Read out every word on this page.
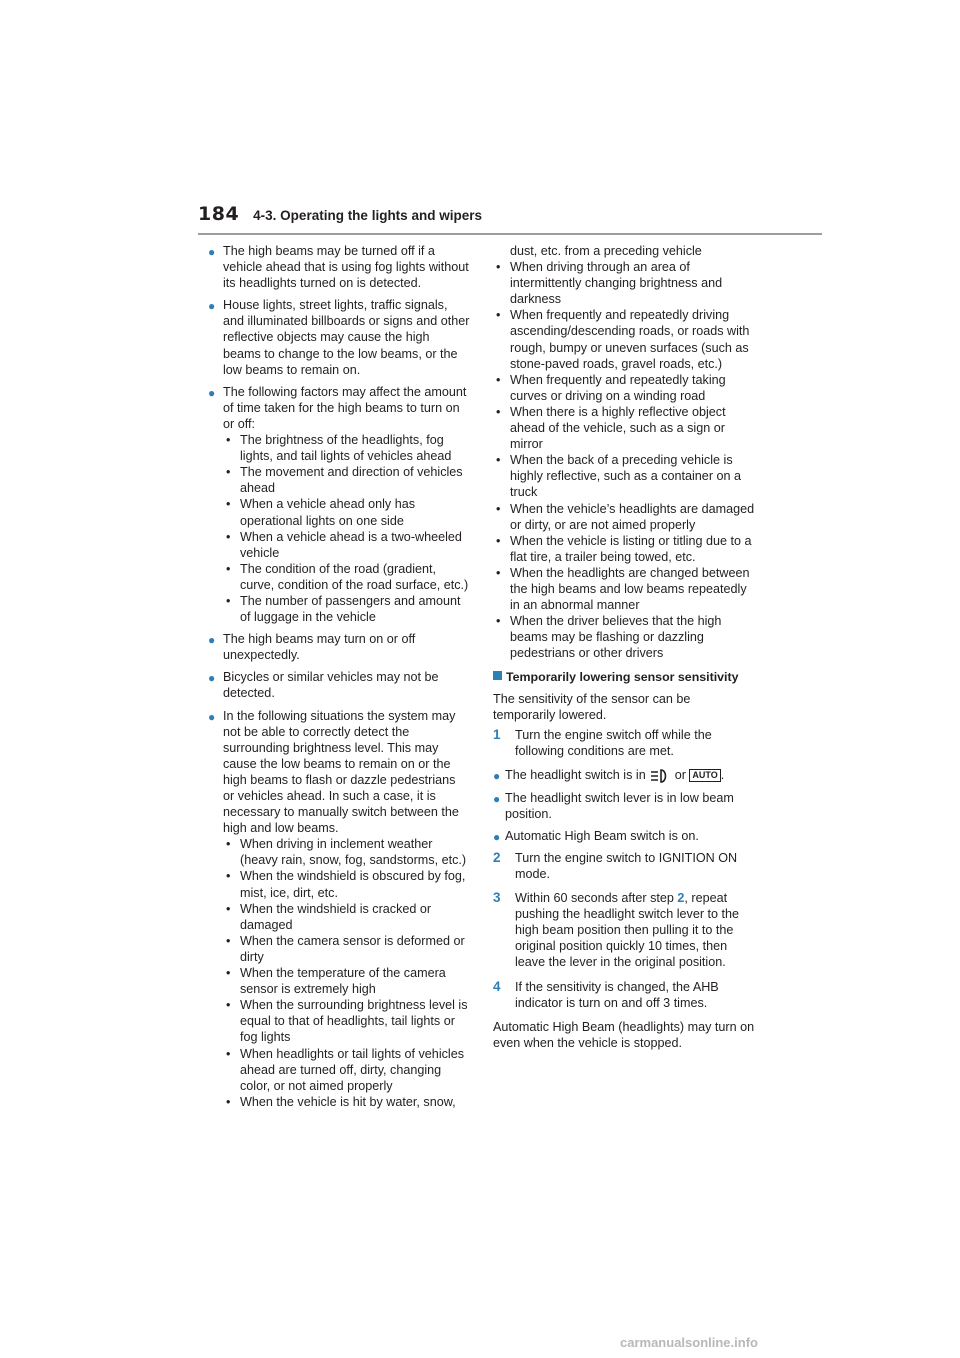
184 4-3. Operating the lights and wipers
● The high beams may be turned off if a vehicle ahead that is using fog lights without its headlights turned on is detected.
● House lights, street lights, traffic signals, and illuminated billboards or signs and other reflective objects may cause the high beams to change to the low beams, or the low beams to remain on.
● The following factors may affect the amount of time taken for the high beams to turn on or off:
• The brightness of the headlights, fog lights, and tail lights of vehicles ahead
• The movement and direction of vehicles ahead
• When a vehicle ahead only has operational lights on one side
• When a vehicle ahead is a two-wheeled vehicle
• The condition of the road (gradient, curve, condition of the road surface, etc.)
• The number of passengers and amount of luggage in the vehicle
● The high beams may turn on or off unexpectedly.
● Bicycles or similar vehicles may not be detected.
● In the following situations the system may not be able to correctly detect the surrounding brightness level. This may cause the low beams to remain on or the high beams to flash or dazzle pedestrians or vehicles ahead. In such a case, it is necessary to manually switch between the high and low beams.
• When driving in inclement weather (heavy rain, snow, fog, sandstorms, etc.)
• When the windshield is obscured by fog, mist, ice, dirt, etc.
• When the windshield is cracked or damaged
• When the camera sensor is deformed or dirty
• When the temperature of the camera sensor is extremely high
• When the surrounding brightness level is equal to that of headlights, tail lights or fog lights
• When headlights or tail lights of vehicles ahead are turned off, dirty, changing color, or not aimed properly
• When the vehicle is hit by water, snow,
dust, etc. from a preceding vehicle
• When driving through an area of intermittently changing brightness and darkness
• When frequently and repeatedly driving ascending/descending roads, or roads with rough, bumpy or uneven surfaces (such as stone-paved roads, gravel roads, etc.)
• When frequently and repeatedly taking curves or driving on a winding road
• When there is a highly reflective object ahead of the vehicle, such as a sign or mirror
• When the back of a preceding vehicle is highly reflective, such as a container on a truck
• When the vehicle’s headlights are damaged or dirty, or are not aimed properly
• When the vehicle is listing or titling due to a flat tire, a trailer being towed, etc.
• When the headlights are changed between the high beams and low beams repeatedly in an abnormal manner
• When the driver believes that the high beams may be flashing or dazzling pedestrians or other drivers
Temporarily lowering sensor sensitivity
The sensitivity of the sensor can be temporarily lowered.
1 Turn the engine switch off while the following conditions are met.
● The headlight switch is in or AUTO .
● The headlight switch lever is in low beam position.
● Automatic High Beam switch is on.
2 Turn the engine switch to IGNITION ON mode.
3 Within 60 seconds after step 2, repeat pushing the headlight switch lever to the high beam position then pulling it to the original position quickly 10 times, then leave the lever in the original position.
4 If the sensitivity is changed, the AHB indicator is turn on and off 3 times.
Automatic High Beam (headlights) may turn on even when the vehicle is stopped.
carmanualsonline.info
